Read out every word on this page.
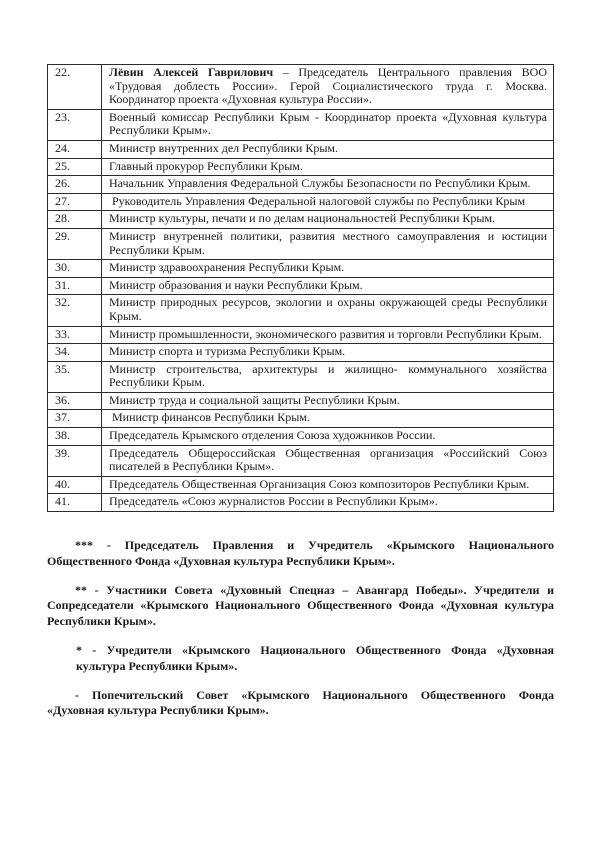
22.	Лёвин Алексей Гаврилович – Председатель Центрального правления ВОО «Трудовая доблесть России». Герой Социалистического труда г. Москва. Координатор проекта «Духовная культура России».
23.	Военный комиссар Республики Крым - Координатор проекта «Духовная культура Республики Крым».
24.	Министр внутренних дел Республики Крым.
25.	Главный прокурор Республики Крым.
26.	Начальник Управления Федеральной Службы Безопасности по Республики Крым.
27.	Руководитель Управления Федеральной налоговой службы по Республики Крым
28.	Министр культуры, печати и по делам национальностей Республики Крым.
29.	Министр внутренней политики, развития местного самоуправления и юстиции Республики Крым.
30.	Министр здравоохранения Республики Крым.
31.	Министр образования и науки Республики Крым.
32.	Министр природных ресурсов, экологии и охраны окружающей среды Республики Крым.
33.	Министр промышленности, экономического развития и торговли Республики Крым.
34.	Министр спорта и туризма Республики Крым.
35.	Министр строительства, архитектуры и жилищно- коммунального хозяйства Республики Крым.
36.	Министр труда и социальной защиты Республики Крым.
37.	Министр финансов Республики Крым.
38.	Председатель Крымского отделения Союза художников России.
39.	Председатель Общероссийская Общественная организация «Российский Союз писателей в Республики Крым».
40.	Председатель Общественная Организация Союз композиторов Республики Крым.
41.	Председатель «Союз журналистов России в Республики Крым».

*** - Председатель Правления и Учредитель «Крымского Национального Общественного Фонда «Духовная культура Республики Крым».

** - Участники Совета «Духовный Спецназ – Авангард Победы». Учредители и Сопредседатели «Крымского Национального Общественного Фонда «Духовная культура Республики Крым».

* - Учредители «Крымского Национального Общественного Фонда «Духовная культура Республики Крым».

- Попечительский Совет «Крымского Национального Общественного Фонда «Духовная культура Республики Крым».
